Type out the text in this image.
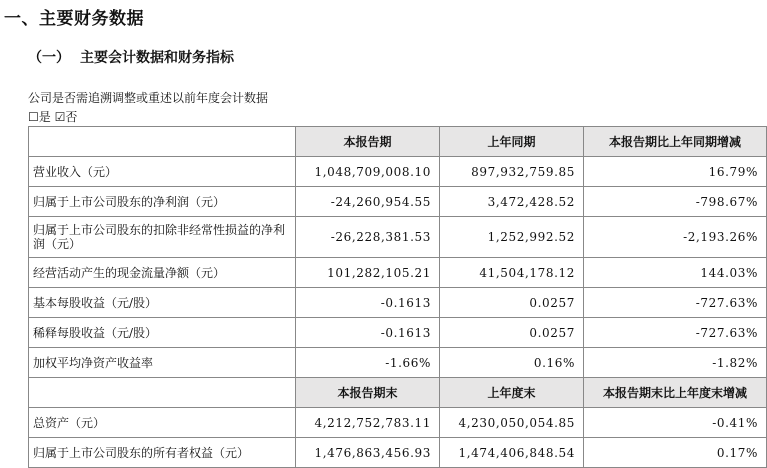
一、主要财务数据
（一） 主要会计数据和财务指标
公司是否需追溯调整或重述以前年度会计数据
☐是 ☑否
	本报告期	上年同期	本报告期比上年同期增减
营业收入（元）	1,048,709,008.10	897,932,759.85	16.79%
归属于上市公司股东的净利润（元）	-24,260,954.55	3,472,428.52	-798.67%
归属于上市公司股东的扣除非经常性损益的净利润（元）	-26,228,381.53	1,252,992.52	-2,193.26%
经营活动产生的现金流量净额（元）	101,282,105.21	41,504,178.12	144.03%
基本每股收益（元/股）	-0.1613	0.0257	-727.63%
稀释每股收益（元/股）	-0.1613	0.0257	-727.63%
加权平均净资产收益率	-1.66%	0.16%	-1.82%
	本报告期末	上年度末	本报告期末比上年度末增减
总资产（元）	4,212,752,783.11	4,230,050,054.85	-0.41%
归属于上市公司股东的所有者权益（元）	1,476,863,456.93	1,474,406,848.54	0.17%
